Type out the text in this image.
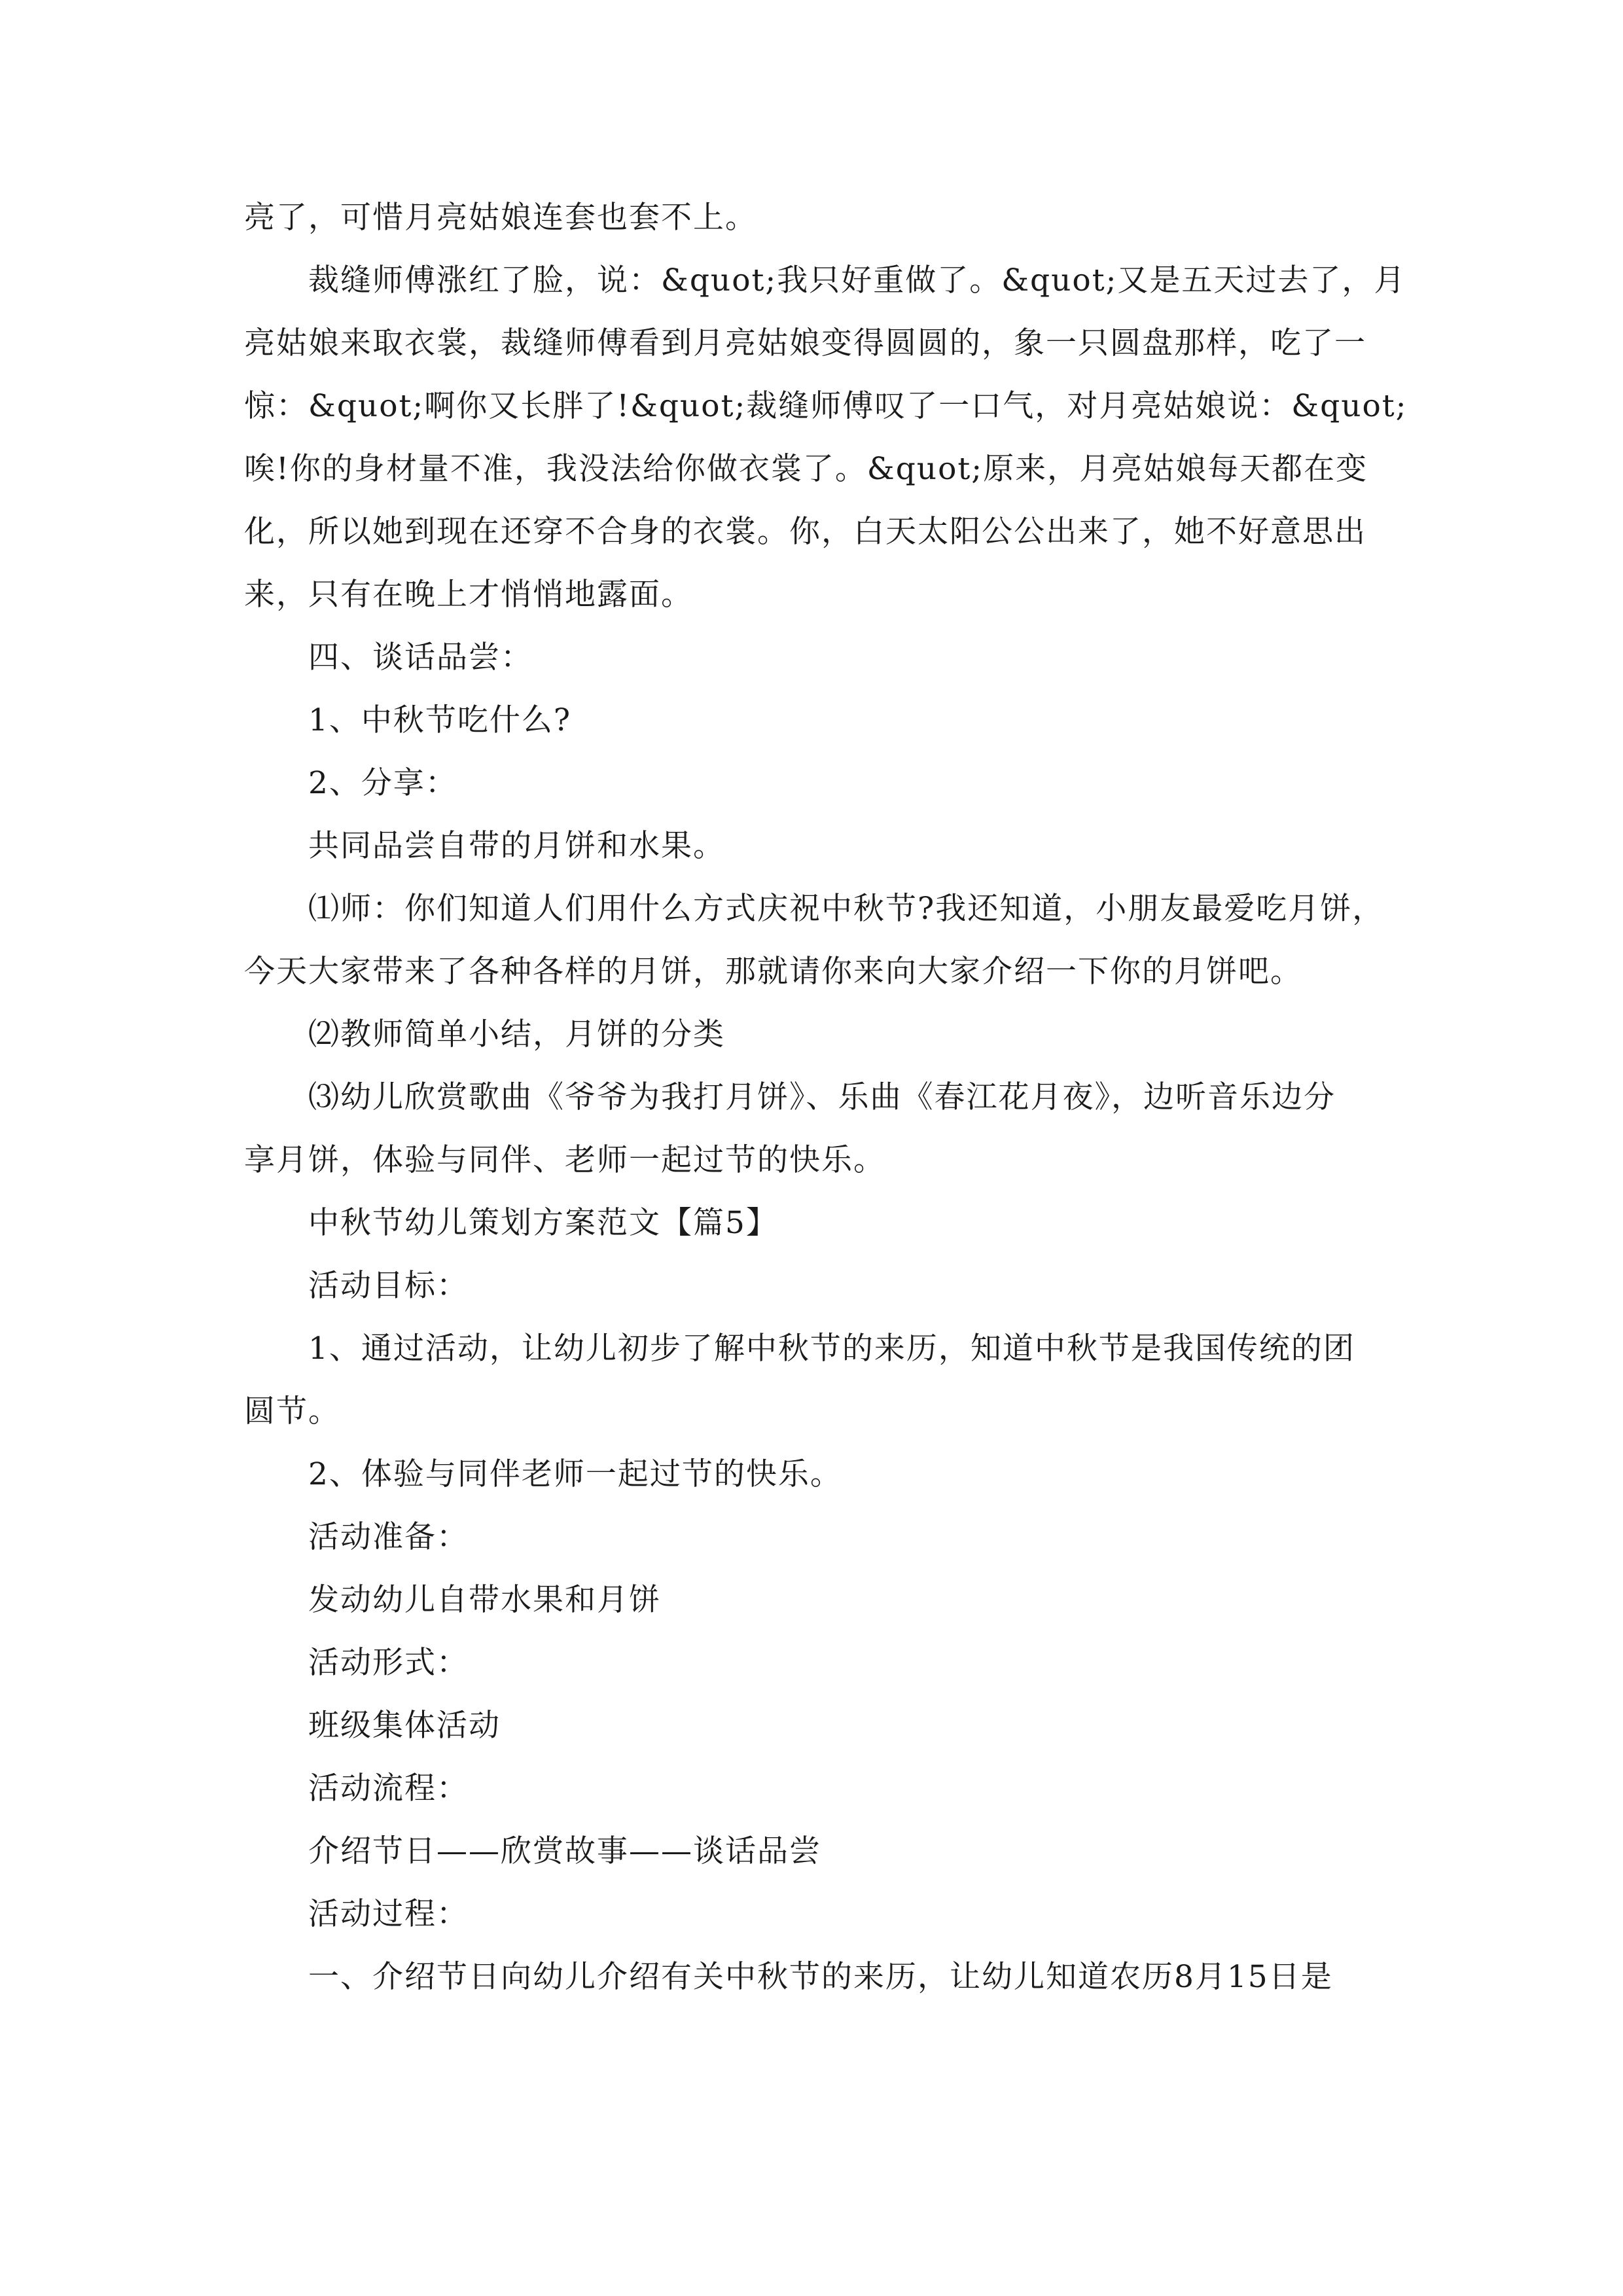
亮了，可惜月亮姑娘连套也套不上。
裁缝师傅涨红了脸，说：&quot;我只好重做了。&quot;又是五天过去了，月
亮姑娘来取衣裳，裁缝师傅看到月亮姑娘变得圆圆的，象一只圆盘那样，吃了一
惊：&quot;啊你又长胖了!&quot;裁缝师傅叹了一口气，对月亮姑娘说：&quot;
唉!你的身材量不准，我没法给你做衣裳了。&quot;原来，月亮姑娘每天都在变
化，所以她到现在还穿不合身的衣裳。你，白天太阳公公出来了，她不好意思出
来，只有在晚上才悄悄地露面。
四、谈话品尝：
1、中秋节吃什么?
2、分享：
共同品尝自带的月饼和水果。
⑴师：你们知道人们用什么方式庆祝中秋节?我还知道，小朋友最爱吃月饼，
今天大家带来了各种各样的月饼，那就请你来向大家介绍一下你的月饼吧。
⑵教师简单小结，月饼的分类
⑶幼儿欣赏歌曲《爷爷为我打月饼》、乐曲《春江花月夜》，边听音乐边分
享月饼，体验与同伴、老师一起过节的快乐。
中秋节幼儿策划方案范文【篇5】
活动目标：
1、通过活动，让幼儿初步了解中秋节的来历，知道中秋节是我国传统的团
圆节。
2、体验与同伴老师一起过节的快乐。
活动准备：
发动幼儿自带水果和月饼
活动形式：
班级集体活动
活动流程：
介绍节日——欣赏故事——谈话品尝
活动过程：
一、介绍节日向幼儿介绍有关中秋节的来历，让幼儿知道农历8月15日是
